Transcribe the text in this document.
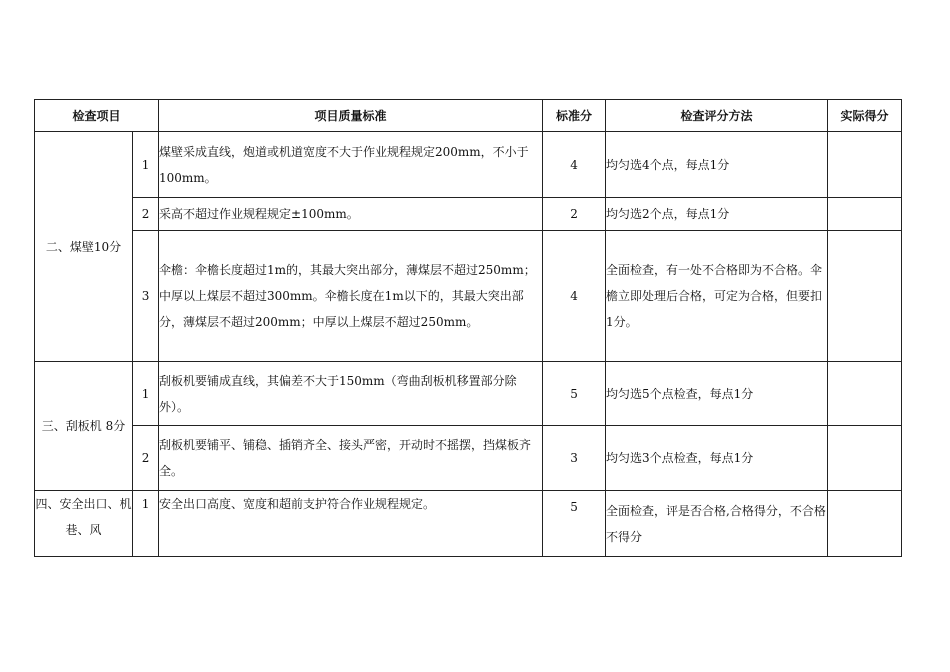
检查项目		项目质量标准	标准分	检查评分方法	实际得分
二、煤壁10分	1	煤壁采成直线，炮道或机道宽度不大于作业规程规定200mm，不小于100mm。	4	均匀选4个点，每点1分	
	2	采高不超过作业规程规定±100mm。	2	均匀选2个点，每点1分	
	3	伞檐：伞檐长度超过1m的，其最大突出部分，薄煤层不超过250mm；中厚以上煤层不超过300mm。伞檐长度在1m以下的，其最大突出部分，薄煤层不超过200mm；中厚以上煤层不超过250mm。	4	全面检查，有一处不合格即为不合格。伞檐立即处理后合格，可定为合格，但要扣1分。	
三、刮板机 8分	1	刮板机要铺成直线，其偏差不大于150mm（弯曲刮板机移置部分除外）。	5	均匀选5个点检查，每点1分	
	2	刮板机要铺平、铺稳、插销齐全、接头严密，开动时不摇摆，挡煤板齐全。	3	均匀选3个点检查，每点1分	
四、安全出口、机巷、风	1	安全出口高度、宽度和超前支护符合作业规程规定。	5	全面检查，评是否合格,合格得分，不合格不得分	
